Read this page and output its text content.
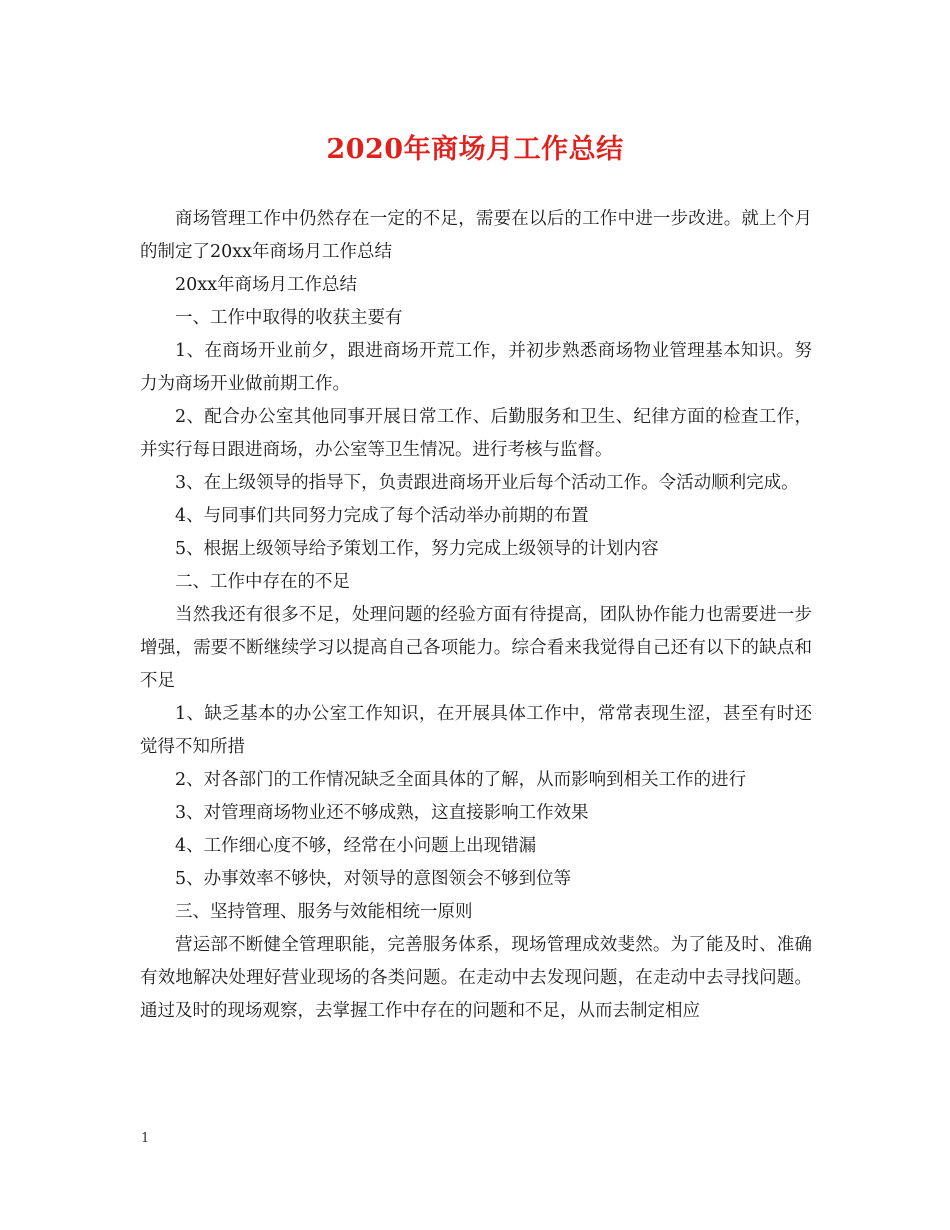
2020年商场月工作总结

商场管理工作中仍然存在一定的不足，需要在以后的工作中进一步改进。就上个月的制定了20xx年商场月工作总结

20xx年商场月工作总结

一、工作中取得的收获主要有

1、在商场开业前夕，跟进商场开荒工作，并初步熟悉商场物业管理基本知识。努力为商场开业做前期工作。

2、配合办公室其他同事开展日常工作、后勤服务和卫生、纪律方面的检查工作，并实行每日跟进商场，办公室等卫生情况。进行考核与监督。

3、在上级领导的指导下，负责跟进商场开业后每个活动工作。令活动顺利完成。

4、与同事们共同努力完成了每个活动举办前期的布置

5、根据上级领导给予策划工作，努力完成上级领导的计划内容

二、工作中存在的不足

当然我还有很多不足，处理问题的经验方面有待提高，团队协作能力也需要进一步增强，需要不断继续学习以提高自己各项能力。综合看来我觉得自己还有以下的缺点和不足

1、缺乏基本的办公室工作知识，在开展具体工作中，常常表现生涩，甚至有时还觉得不知所措

2、对各部门的工作情况缺乏全面具体的了解，从而影响到相关工作的进行

3、对管理商场物业还不够成熟，这直接影响工作效果

4、工作细心度不够，经常在小问题上出现错漏

5、办事效率不够快，对领导的意图领会不够到位等

三、坚持管理、服务与效能相统一原则

营运部不断健全管理职能，完善服务体系，现场管理成效斐然。为了能及时、准确有效地解决处理好营业现场的各类问题。在走动中去发现问题，在走动中去寻找问题。通过及时的现场观察，去掌握工作中存在的问题和不足，从而去制定相应

1
